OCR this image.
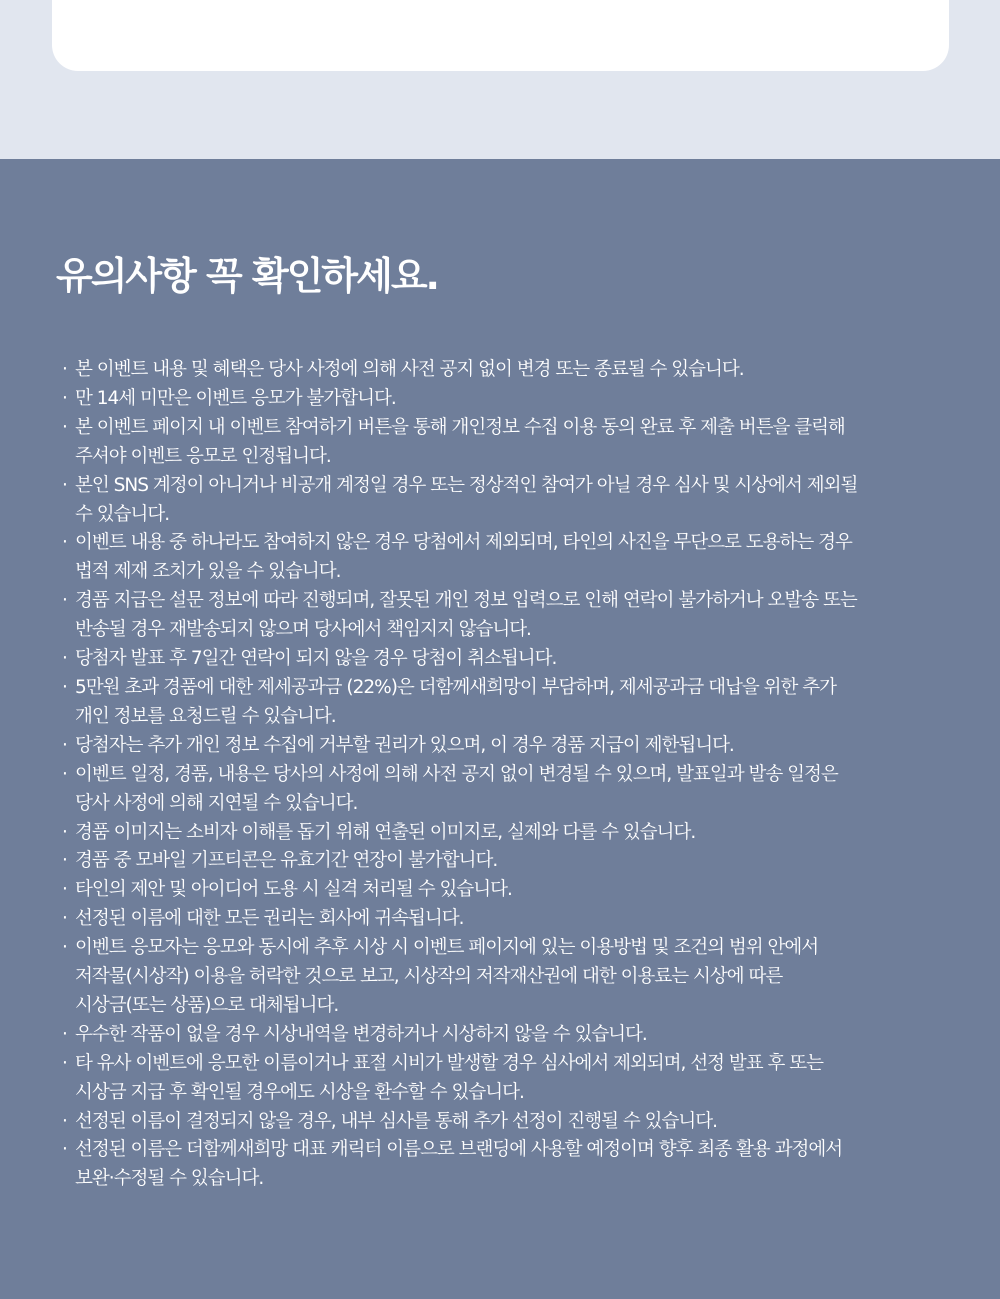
유의사항 꼭 확인하세요.
· 본 이벤트 내용 및 혜택은 당사 사정에 의해 사전 공지 없이 변경 또는 종료될 수 있습니다.
· 만 14세 미만은 이벤트 응모가 불가합니다.
· 본 이벤트 페이지 내 이벤트 참여하기 버튼을 통해 개인정보 수집 이용 동의 완료 후 제출 버튼을 클릭해
주셔야 이벤트 응모로 인정됩니다.
· 본인 SNS 계정이 아니거나 비공개 계정일 경우 또는 정상적인 참여가 아닐 경우 심사 및 시상에서 제외될
수 있습니다.
· 이벤트 내용 중 하나라도 참여하지 않은 경우 당첨에서 제외되며, 타인의 사진을 무단으로 도용하는 경우
법적 제재 조치가 있을 수 있습니다.
· 경품 지급은 설문 정보에 따라 진행되며, 잘못된 개인 정보 입력으로 인해 연락이 불가하거나 오발송 또는
반송될 경우 재발송되지 않으며 당사에서 책임지지 않습니다.
· 당첨자 발표 후 7일간 연락이 되지 않을 경우 당첨이 취소됩니다.
· 5만원 초과 경품에 대한 제세공과금 (22%)은 더함께새희망이 부담하며, 제세공과금 대납을 위한 추가
개인 정보를 요청드릴 수 있습니다.
· 당첨자는 추가 개인 정보 수집에 거부할 권리가 있으며, 이 경우 경품 지급이 제한됩니다.
· 이벤트 일정, 경품, 내용은 당사의 사정에 의해 사전 공지 없이 변경될 수 있으며, 발표일과 발송 일정은
당사 사정에 의해 지연될 수 있습니다.
· 경품 이미지는 소비자 이해를 돕기 위해 연출된 이미지로, 실제와 다를 수 있습니다.
· 경품 중 모바일 기프티콘은 유효기간 연장이 불가합니다.
· 타인의 제안 및 아이디어 도용 시 실격 처리될 수 있습니다.
· 선정된 이름에 대한 모든 권리는 회사에 귀속됩니다.
· 이벤트 응모자는 응모와 동시에 추후 시상 시 이벤트 페이지에 있는 이용방법 및 조건의 범위 안에서
저작물(시상작) 이용을 허락한 것으로 보고, 시상작의 저작재산권에 대한 이용료는 시상에 따른
시상금(또는 상품)으로 대체됩니다.
· 우수한 작품이 없을 경우 시상내역을 변경하거나 시상하지 않을 수 있습니다.
· 타 유사 이벤트에 응모한 이름이거나 표절 시비가 발생할 경우 심사에서 제외되며, 선정 발표 후 또는
시상금 지급 후 확인될 경우에도 시상을 환수할 수 있습니다.
· 선정된 이름이 결정되지 않을 경우, 내부 심사를 통해 추가 선정이 진행될 수 있습니다.
· 선정된 이름은 더함께새희망 대표 캐릭터 이름으로 브랜딩에 사용할 예정이며 향후 최종 활용 과정에서
보완·수정될 수 있습니다.
